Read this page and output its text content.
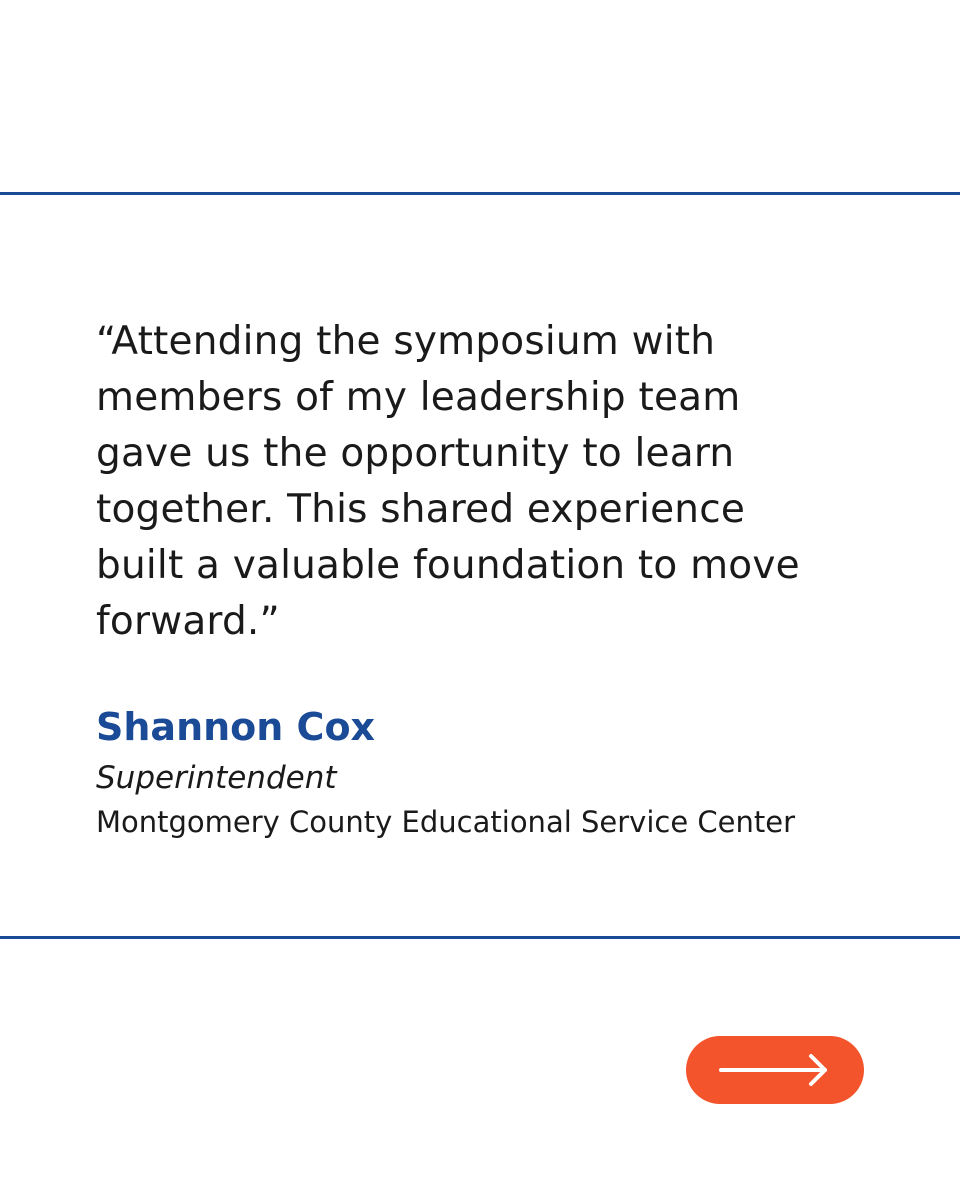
“Attending the symposium with
members of my leadership team
gave us the opportunity to learn
together. This shared experience
built a valuable foundation to move
forward.”

Shannon Cox
Superintendent
Montgomery County Educational Service Center
